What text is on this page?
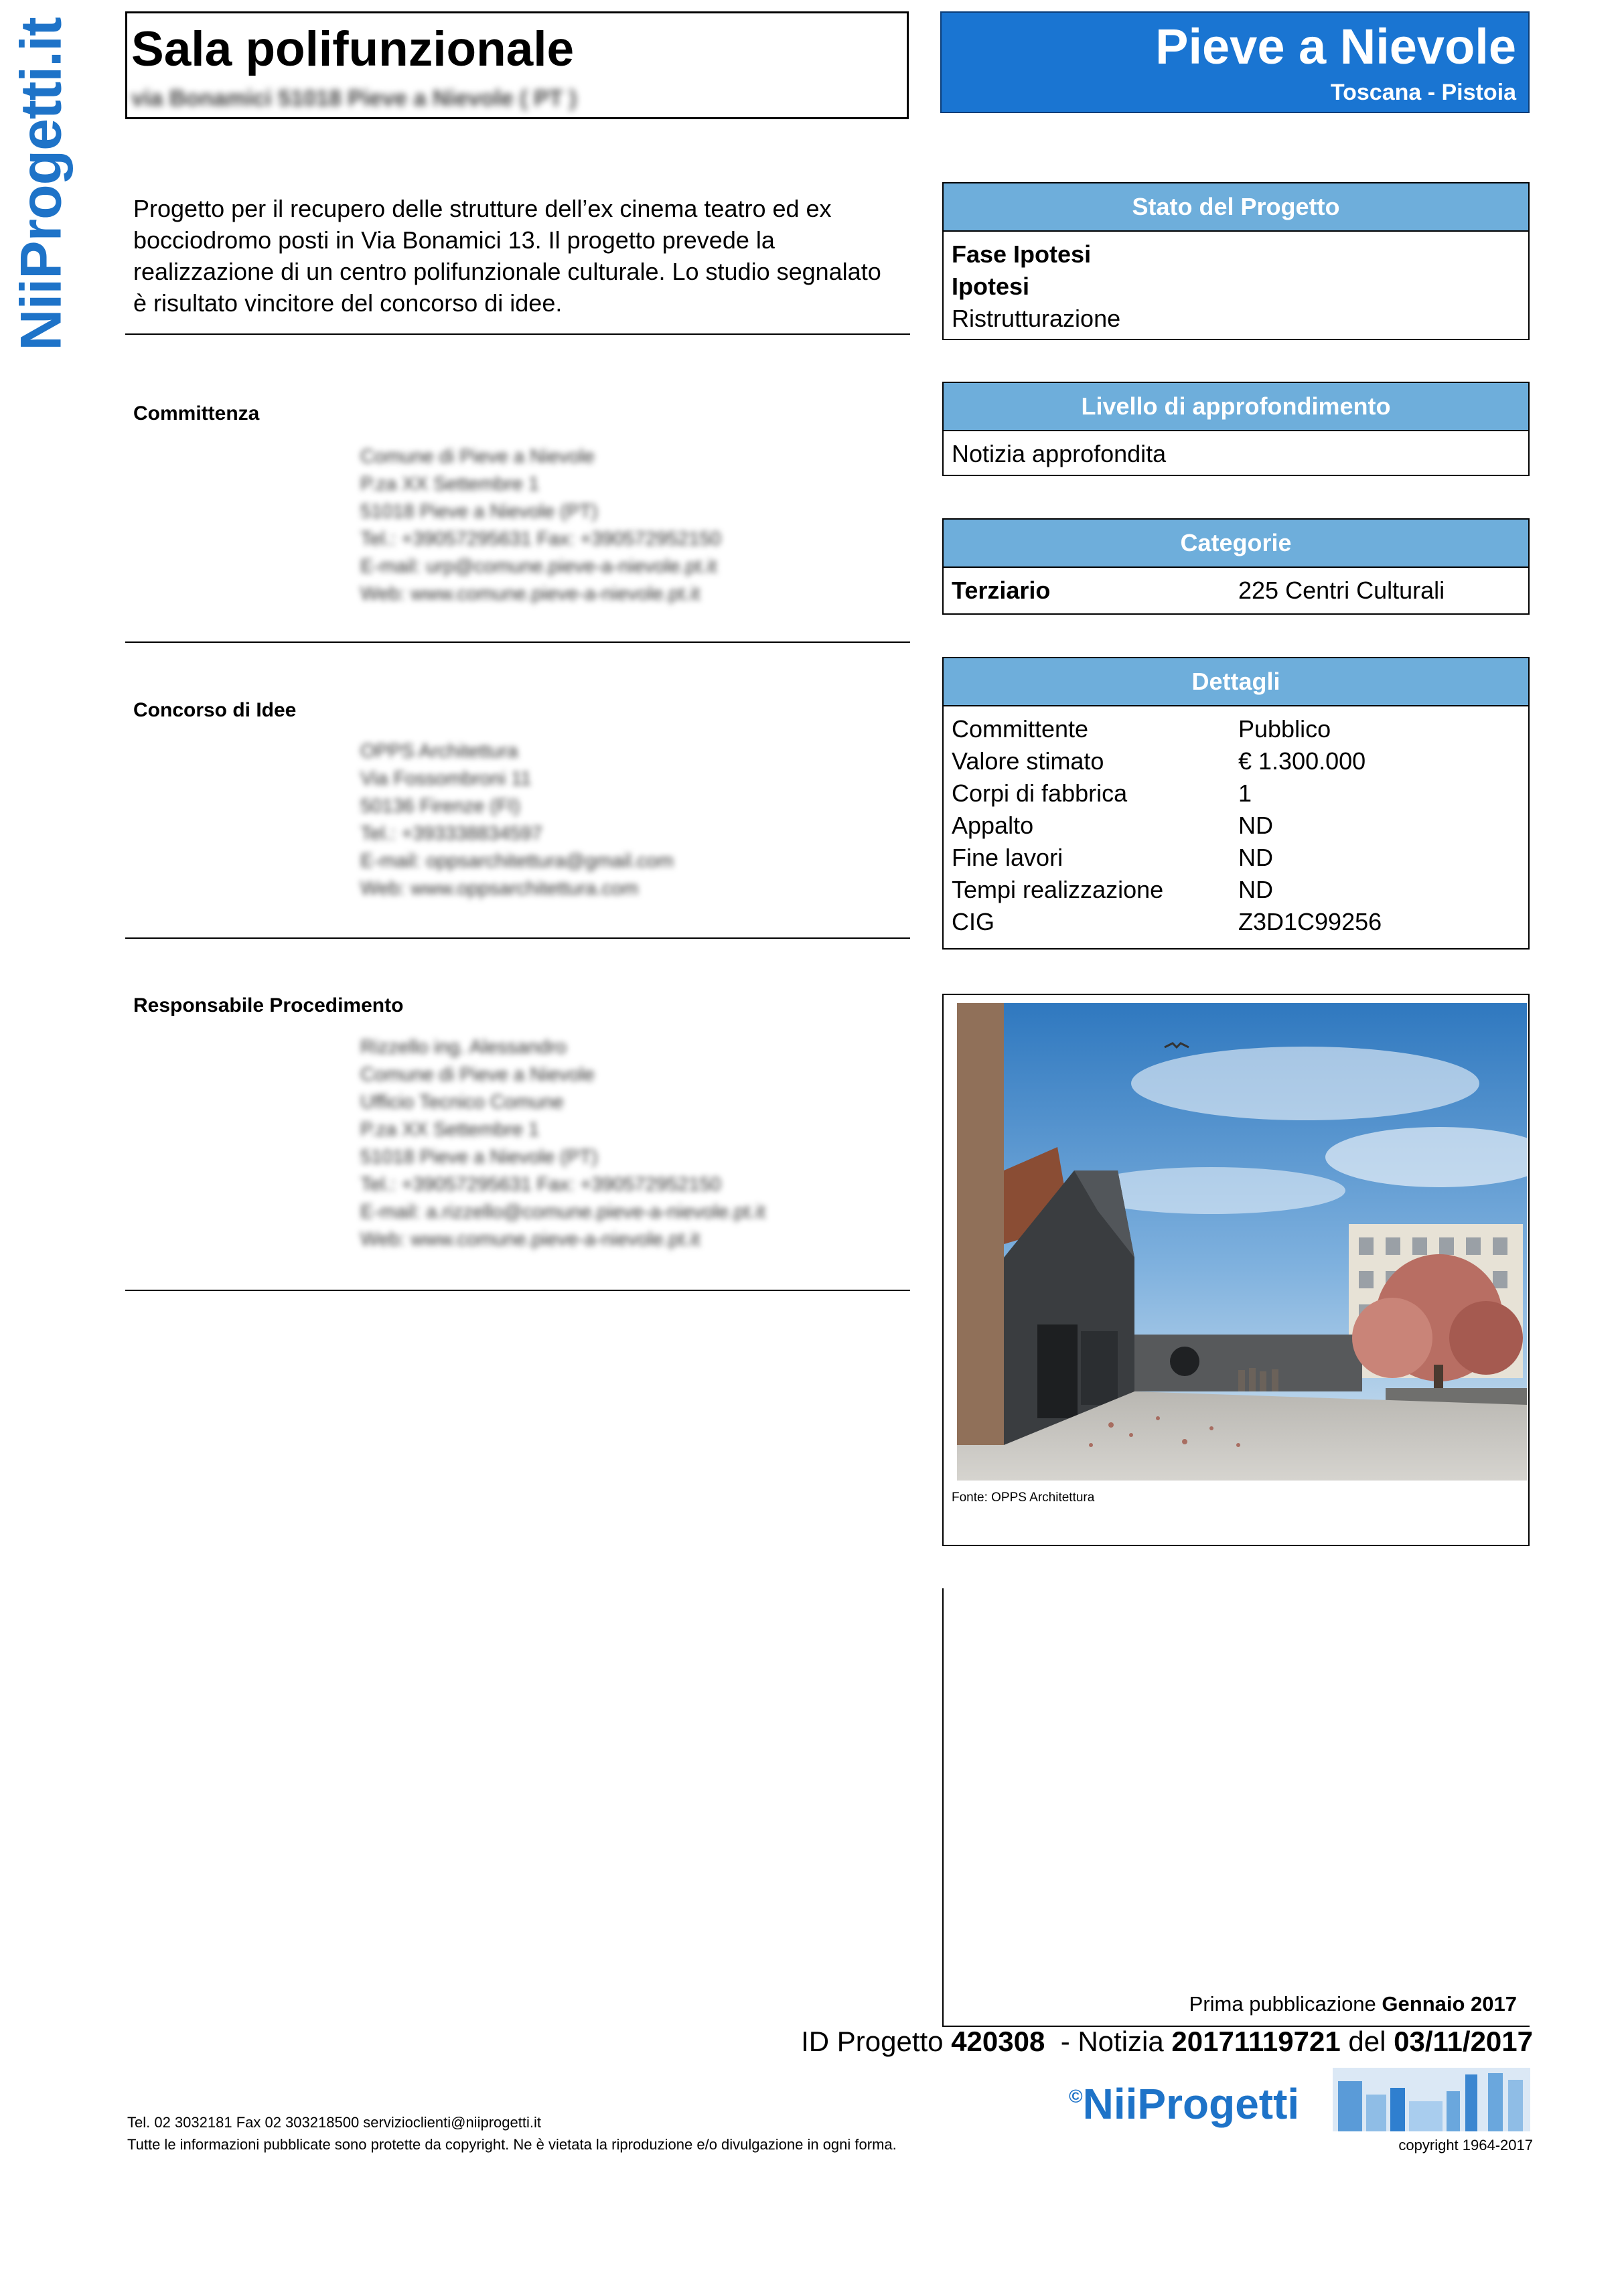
NiiProgetti.it Sala polifunzionale
via Bonamici 51018 Pieve a Nievole ( PT )
Pieve a Nievole
Toscana - Pistoia
Progetto per il recupero delle strutture dell’ex cinema teatro ed ex bocciodromo posti in Via Bonamici 13. Il progetto prevede la realizzazione di un centro polifunzionale culturale. Lo studio segnalato è risultato vincitore del concorso di idee.
Committenza
Comune di Pieve a Nievole
P.za XX Settembre 1
51018 Pieve a Nievole (PT)
Tel.: +39057295631 Fax: +390572952150
E-mail: urp@comune.pieve-a-nievole.pt.it
Web: www.comune.pieve-a-nievole.pt.it
Concorso di Idee
OPPS Architettura
Via Fossombroni 11
50136 Firenze (FI)
Tel.: +393338834597
E-mail: oppsarchitettura@gmail.com
Web: www.oppsarchitettura.com
Responsabile Procedimento
Rizzello ing. Alessandro
Comune di Pieve a Nievole
Ufficio Tecnico Comune
P.za XX Settembre 1
51018 Pieve a Nievole (PT)
Tel.: +39057295631 Fax: +390572952150
E-mail: a.rizzello@comune.pieve-a-nievole.pt.it
Web: www.comune.pieve-a-nievole.pt.it
Stato del Progetto
Fase Ipotesi
Ipotesi
Ristrutturazione
Livello di approfondimento
Notizia approfondita
Categorie
Terziario	225 Centri Culturali
Dettagli
Committente	Pubblico
Valore stimato	€ 1.300.000
Corpi di fabbrica	1
Appalto	ND
Fine lavori	ND
Tempi realizzazione	ND
CIG	Z3D1C99256
Fonte: OPPS Architettura
Prima pubblicazione Gennaio 2017
ID Progetto 420308  - Notizia 20171119721 del 03/11/2017
©NiiProgetti
Tel. 02 3032181 Fax 02 303218500 servizioclienti@niiprogetti.it
Tutte le informazioni pubblicate sono protette da copyright. Ne è vietata la riproduzione e/o divulgazione in ogni forma.	copyright 1964-2017
